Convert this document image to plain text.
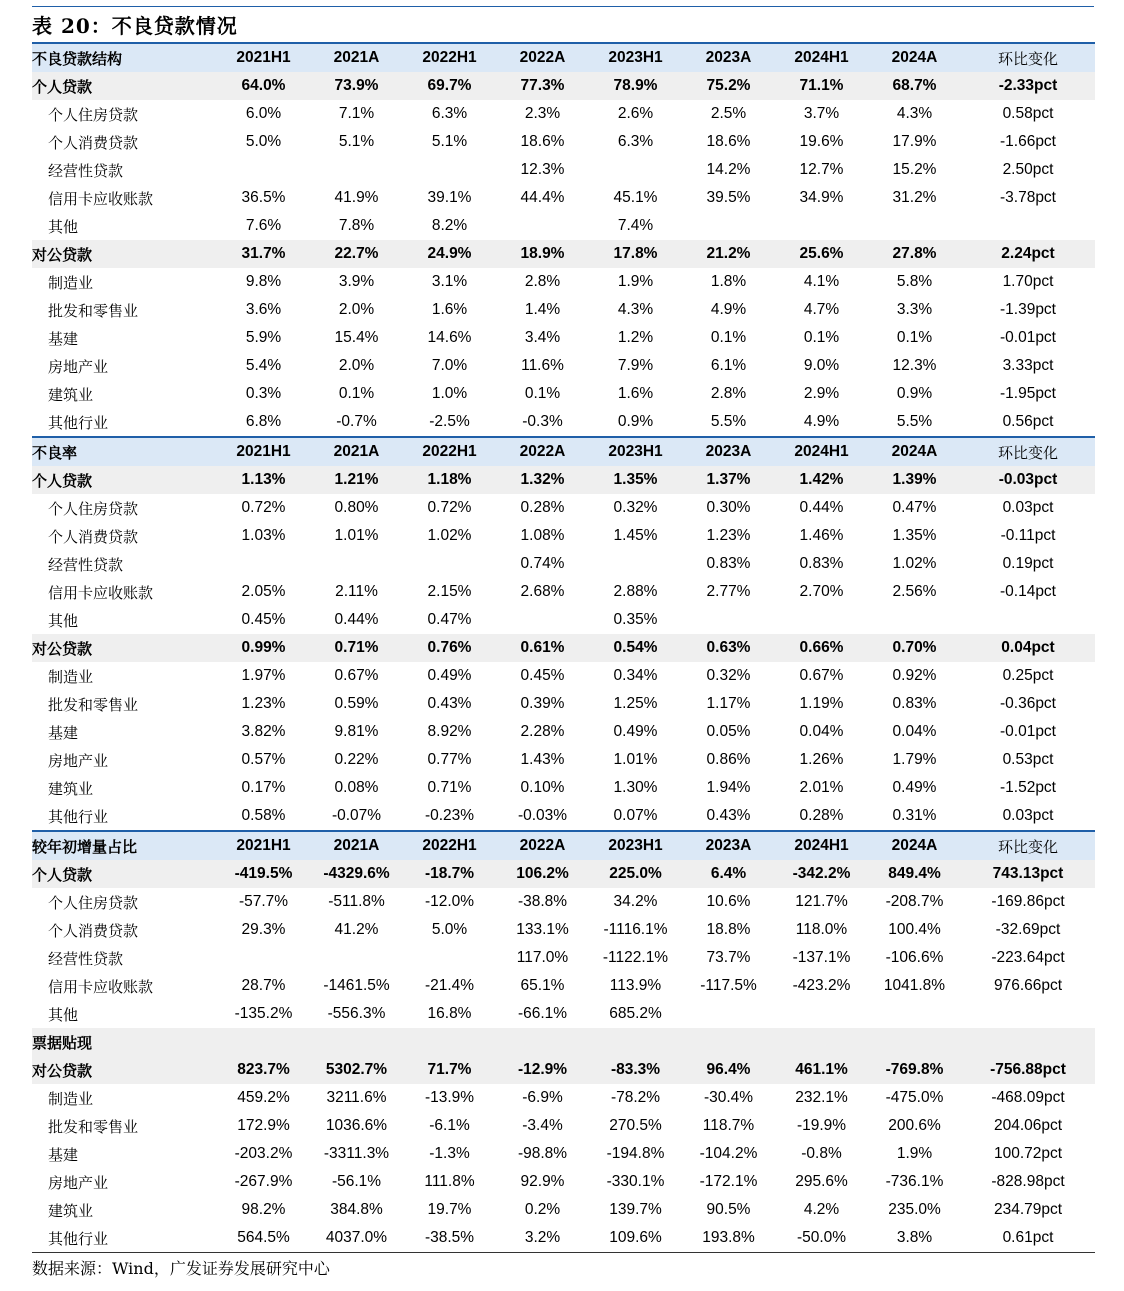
表 20：不良贷款情况
不良贷款结构	2021H1	2021A	2022H1	2022A	2023H1	2023A	2024H1	2024A	环比变化
个人贷款	64.0%	73.9%	69.7%	77.3%	78.9%	75.2%	71.1%	68.7%	-2.33pct
个人住房贷款	6.0%	7.1%	6.3%	2.3%	2.6%	2.5%	3.7%	4.3%	0.58pct
个人消费贷款	5.0%	5.1%	5.1%	18.6%	6.3%	18.6%	19.6%	17.9%	-1.66pct
经营性贷款				12.3%		14.2%	12.7%	15.2%	2.50pct
信用卡应收账款	36.5%	41.9%	39.1%	44.4%	45.1%	39.5%	34.9%	31.2%	-3.78pct
其他	7.6%	7.8%	8.2%		7.4%				
对公贷款	31.7%	22.7%	24.9%	18.9%	17.8%	21.2%	25.6%	27.8%	2.24pct
制造业	9.8%	3.9%	3.1%	2.8%	1.9%	1.8%	4.1%	5.8%	1.70pct
批发和零售业	3.6%	2.0%	1.6%	1.4%	4.3%	4.9%	4.7%	3.3%	-1.39pct
基建	5.9%	15.4%	14.6%	3.4%	1.2%	0.1%	0.1%	0.1%	-0.01pct
房地产业	5.4%	2.0%	7.0%	11.6%	7.9%	6.1%	9.0%	12.3%	3.33pct
建筑业	0.3%	0.1%	1.0%	0.1%	1.6%	2.8%	2.9%	0.9%	-1.95pct
其他行业	6.8%	-0.7%	-2.5%	-0.3%	0.9%	5.5%	4.9%	5.5%	0.56pct
不良率	2021H1	2021A	2022H1	2022A	2023H1	2023A	2024H1	2024A	环比变化
个人贷款	1.13%	1.21%	1.18%	1.32%	1.35%	1.37%	1.42%	1.39%	-0.03pct
个人住房贷款	0.72%	0.80%	0.72%	0.28%	0.32%	0.30%	0.44%	0.47%	0.03pct
个人消费贷款	1.03%	1.01%	1.02%	1.08%	1.45%	1.23%	1.46%	1.35%	-0.11pct
经营性贷款				0.74%		0.83%	0.83%	1.02%	0.19pct
信用卡应收账款	2.05%	2.11%	2.15%	2.68%	2.88%	2.77%	2.70%	2.56%	-0.14pct
其他	0.45%	0.44%	0.47%		0.35%				
对公贷款	0.99%	0.71%	0.76%	0.61%	0.54%	0.63%	0.66%	0.70%	0.04pct
制造业	1.97%	0.67%	0.49%	0.45%	0.34%	0.32%	0.67%	0.92%	0.25pct
批发和零售业	1.23%	0.59%	0.43%	0.39%	1.25%	1.17%	1.19%	0.83%	-0.36pct
基建	3.82%	9.81%	8.92%	2.28%	0.49%	0.05%	0.04%	0.04%	-0.01pct
房地产业	0.57%	0.22%	0.77%	1.43%	1.01%	0.86%	1.26%	1.79%	0.53pct
建筑业	0.17%	0.08%	0.71%	0.10%	1.30%	1.94%	2.01%	0.49%	-1.52pct
其他行业	0.58%	-0.07%	-0.23%	-0.03%	0.07%	0.43%	0.28%	0.31%	0.03pct
较年初增量占比	2021H1	2021A	2022H1	2022A	2023H1	2023A	2024H1	2024A	环比变化
个人贷款	-419.5%	-4329.6%	-18.7%	106.2%	225.0%	6.4%	-342.2%	849.4%	743.13pct
个人住房贷款	-57.7%	-511.8%	-12.0%	-38.8%	34.2%	10.6%	121.7%	-208.7%	-169.86pct
个人消费贷款	29.3%	41.2%	5.0%	133.1%	-1116.1%	18.8%	118.0%	100.4%	-32.69pct
经营性贷款				117.0%	-1122.1%	73.7%	-137.1%	-106.6%	-223.64pct
信用卡应收账款	28.7%	-1461.5%	-21.4%	65.1%	113.9%	-117.5%	-423.2%	1041.8%	976.66pct
其他	-135.2%	-556.3%	16.8%	-66.1%	685.2%				
票据贴现									
对公贷款	823.7%	5302.7%	71.7%	-12.9%	-83.3%	96.4%	461.1%	-769.8%	-756.88pct
制造业	459.2%	3211.6%	-13.9%	-6.9%	-78.2%	-30.4%	232.1%	-475.0%	-468.09pct
批发和零售业	172.9%	1036.6%	-6.1%	-3.4%	270.5%	118.7%	-19.9%	200.6%	204.06pct
基建	-203.2%	-3311.3%	-1.3%	-98.8%	-194.8%	-104.2%	-0.8%	1.9%	100.72pct
房地产业	-267.9%	-56.1%	111.8%	92.9%	-330.1%	-172.1%	295.6%	-736.1%	-828.98pct
建筑业	98.2%	384.8%	19.7%	0.2%	139.7%	90.5%	4.2%	235.0%	234.79pct
其他行业	564.5%	4037.0%	-38.5%	3.2%	109.6%	193.8%	-50.0%	3.8%	0.61pct
数据来源：Wind，广发证券发展研究中心
